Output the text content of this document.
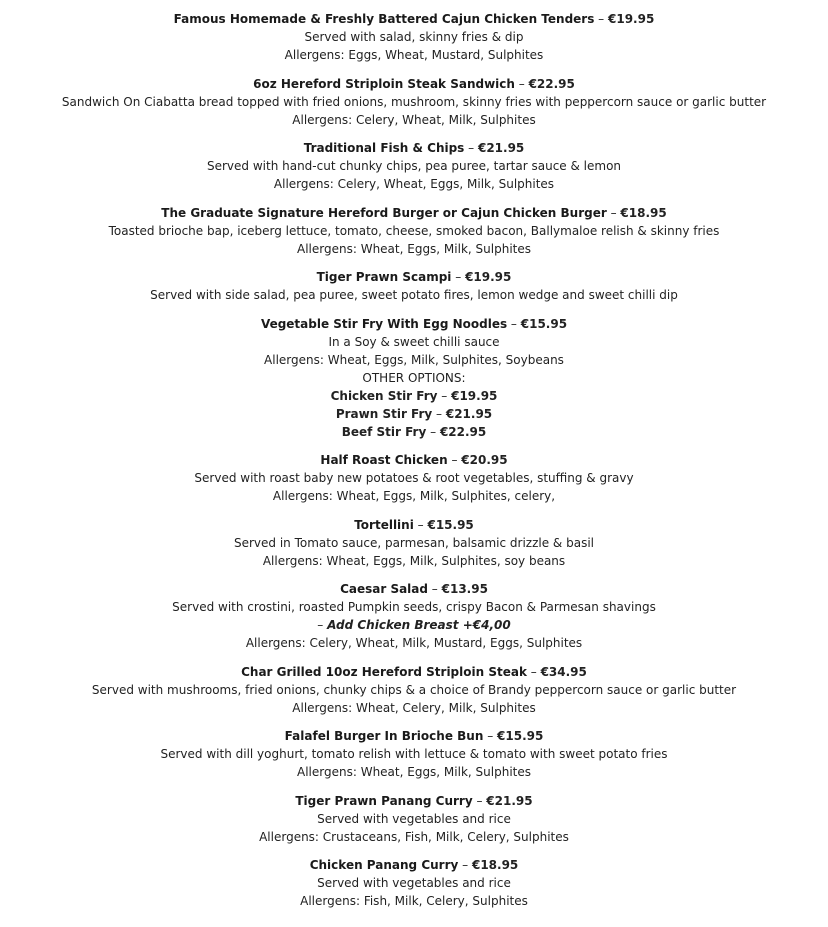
Famous Homemade & Freshly Battered Cajun Chicken Tenders – €19.95
Served with salad, skinny fries & dip
Allergens: Eggs, Wheat, Mustard, Sulphites
6oz Hereford Striploin Steak Sandwich – €22.95
Sandwich On Ciabatta bread topped with fried onions, mushroom, skinny fries with peppercorn sauce or garlic butter
Allergens: Celery, Wheat, Milk, Sulphites
Traditional Fish & Chips – €21.95
Served with hand-cut chunky chips, pea puree, tartar sauce & lemon
Allergens: Celery, Wheat, Eggs, Milk, Sulphites
The Graduate Signature Hereford Burger or Cajun Chicken Burger – €18.95
Toasted brioche bap, iceberg lettuce, tomato, cheese, smoked bacon, Ballymaloe relish & skinny fries
Allergens: Wheat, Eggs, Milk, Sulphites
Tiger Prawn Scampi – €19.95
Served with side salad, pea puree, sweet potato fires, lemon wedge and sweet chilli dip
Vegetable Stir Fry With Egg Noodles – €15.95
In a Soy & sweet chilli sauce
Allergens: Wheat, Eggs, Milk, Sulphites, Soybeans
OTHER OPTIONS:
Chicken Stir Fry – €19.95
Prawn Stir Fry – €21.95
Beef Stir Fry – €22.95
Half Roast Chicken – €20.95
Served with roast baby new potatoes & root vegetables, stuffing & gravy
Allergens: Wheat, Eggs, Milk, Sulphites, celery,
Tortellini – €15.95
Served in Tomato sauce, parmesan, balsamic drizzle & basil
Allergens: Wheat, Eggs, Milk, Sulphites, soy beans
Caesar Salad – €13.95
Served with crostini, roasted Pumpkin seeds, crispy Bacon & Parmesan shavings
– Add Chicken Breast +€4,00
Allergens: Celery, Wheat, Milk, Mustard, Eggs, Sulphites
Char Grilled 10oz Hereford Striploin Steak – €34.95
Served with mushrooms, fried onions, chunky chips & a choice of Brandy peppercorn sauce or garlic butter
Allergens: Wheat, Celery, Milk, Sulphites
Falafel Burger In Brioche Bun – €15.95
Served with dill yoghurt, tomato relish with lettuce & tomato with sweet potato fries
Allergens: Wheat, Eggs, Milk, Sulphites
Tiger Prawn Panang Curry – €21.95
Served with vegetables and rice
Allergens: Crustaceans, Fish, Milk, Celery, Sulphites
Chicken Panang Curry – €18.95
Served with vegetables and rice
Allergens: Fish, Milk, Celery, Sulphites
